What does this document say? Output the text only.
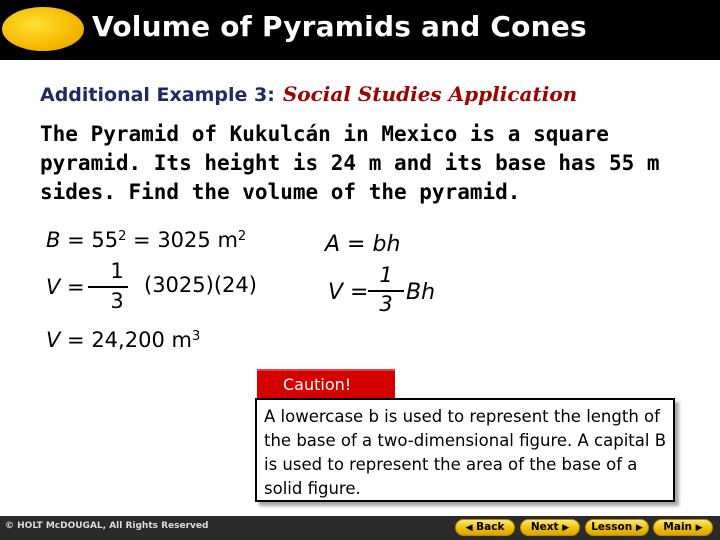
Volume of Pyramids and Cones
Additional Example 3: Social Studies Application
The Pyramid of Kukulcán in Mexico is a square pyramid. Its height is 24 m and its base has 55 m sides. Find the volume of the pyramid.
$B = 55^2 = 3025$ $m^2$
V =
1
3
(3025)(24)
V = 24,200 $m^3$
A = bh
V =
1
3 Bh
Caution!
A lowercase b is used to represent the length of the base of a two-dimensional figure. A capital B is used to represent the area of the base of a solid figure.
© HOLT McDOUGAL, All Rights Reserved	◀ Back	Next ▶	Lesson ▶	Main ▶
